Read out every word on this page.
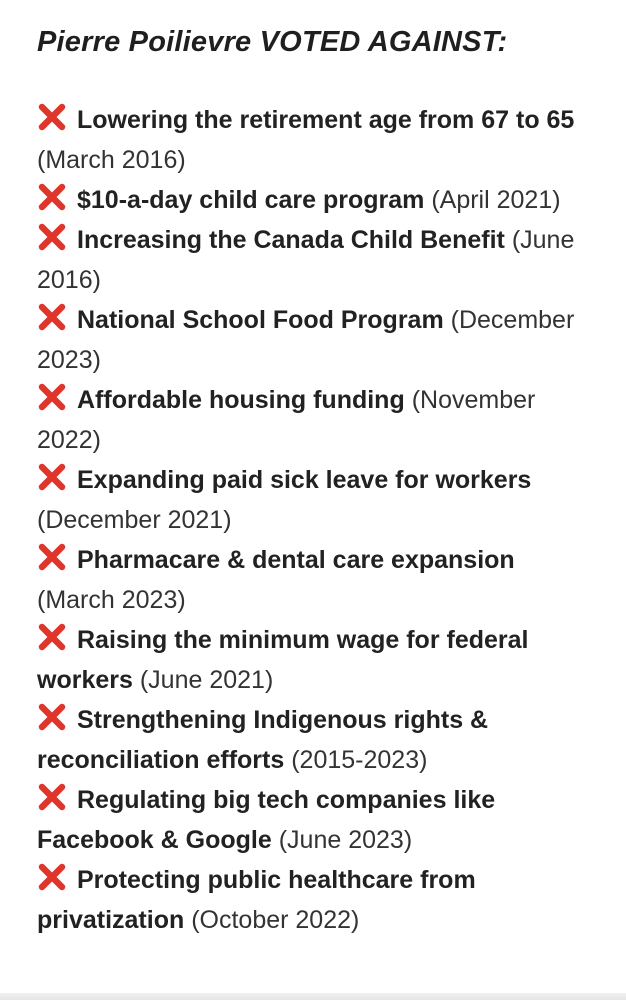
Pierre Poilievre VOTED AGAINST:
Lowering the retirement age from 67 to 65 (March 2016)
$10-a-day child care program (April 2021)
Increasing the Canada Child Benefit (June 2016)
National School Food Program (December 2023)
Affordable housing funding (November 2022)
Expanding paid sick leave for workers (December 2021)
Pharmacare & dental care expansion (March 2023)
Raising the minimum wage for federal workers (June 2021)
Strengthening Indigenous rights & reconciliation efforts (2015-2023)
Regulating big tech companies like Facebook & Google (June 2023)
Protecting public healthcare from privatization (October 2022)
